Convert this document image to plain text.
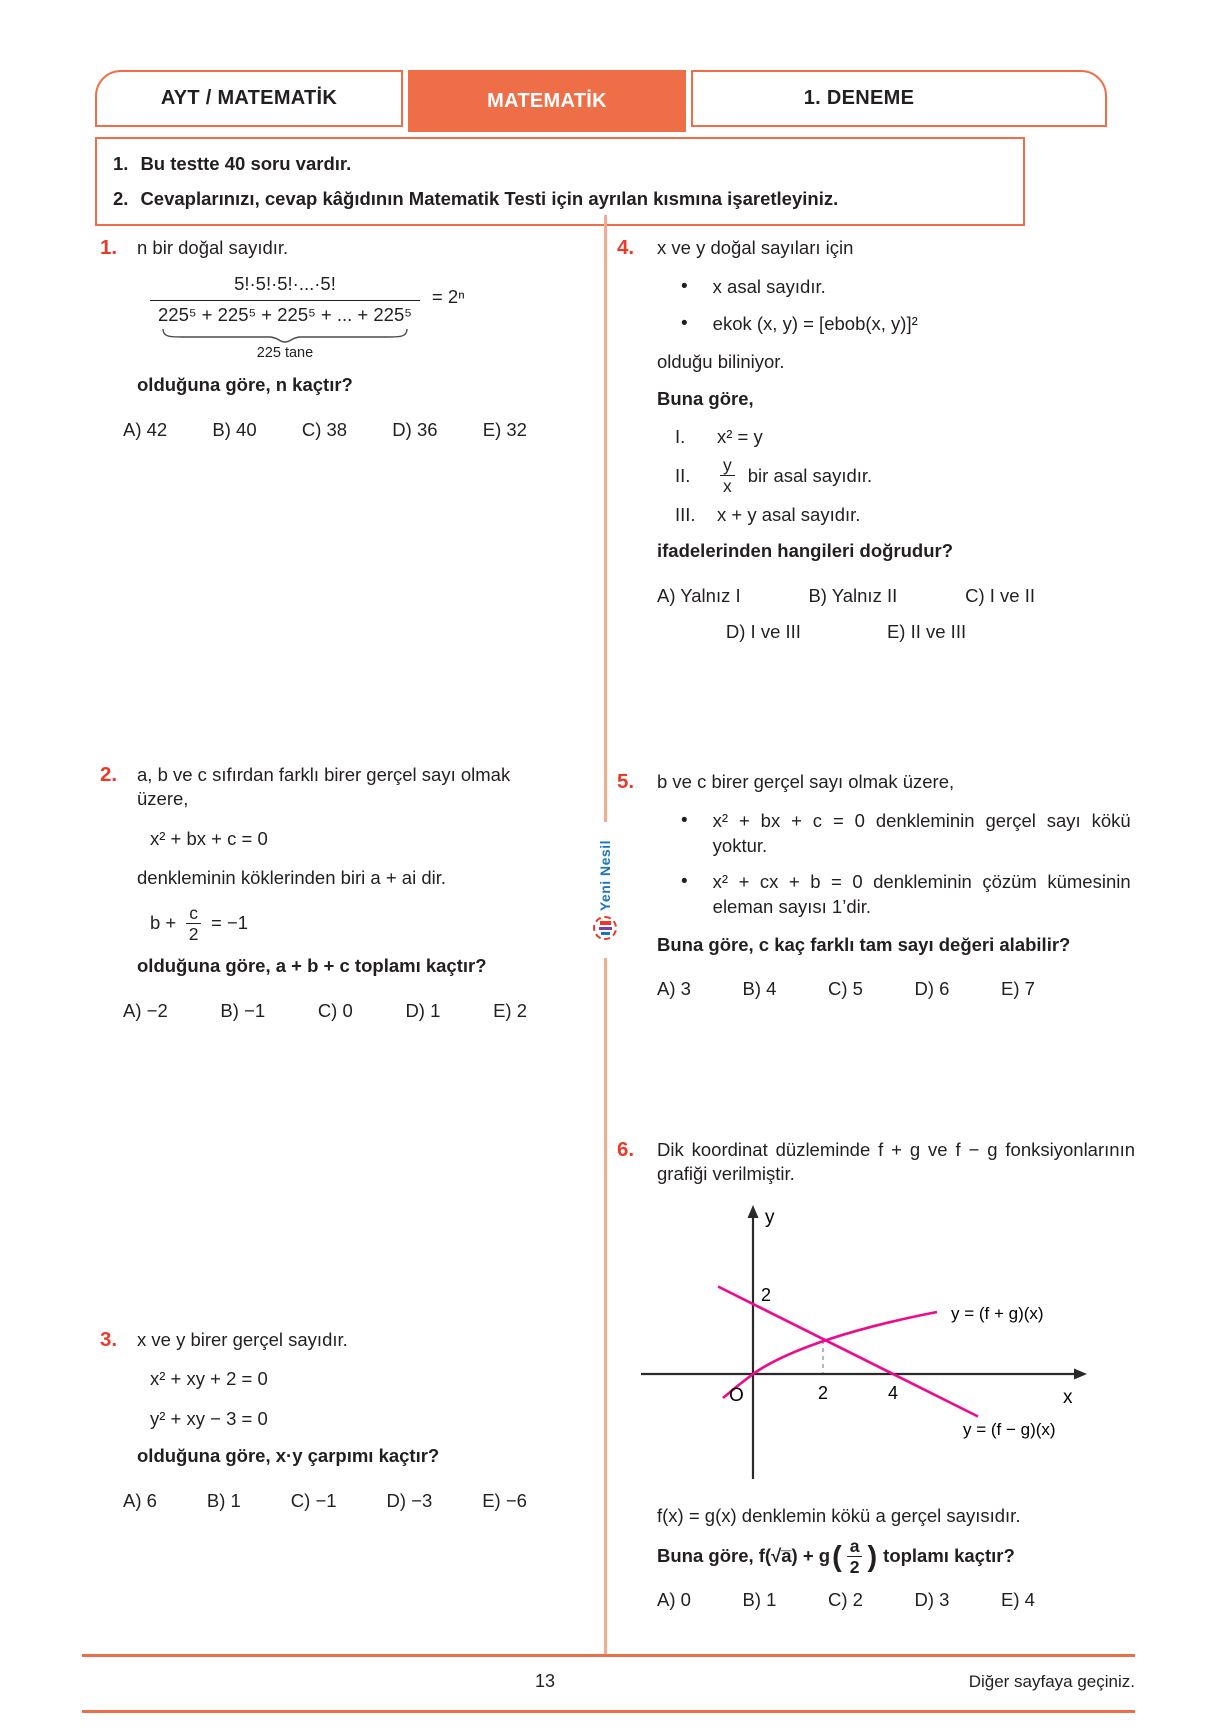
AYT / MATEMATİK	MATEMATİK	1. DENEME
1. Bu testte 40 soru vardır.
2. Cevaplarınızı, cevap kâğıdının Matematik Testi için ayrılan kısmına işaretleyiniz.
Yeni Nesil
1. n bir doğal sayıdır.
5!·5!·5!·...·5!
225⁵ + 225⁵ + 225⁵ + ... + 225⁵
225 tane
= 2ⁿ
olduğuna göre, n kaçtır?
A) 42 B) 40 C) 38 D) 36 E) 32
2. a, b ve c sıfırdan farklı birer gerçel sayı olmak üzere,
x² + bx + c = 0
denkleminin köklerinden biri a + ai dir.
$b + \frac{c}{2} = -1$
olduğuna göre, a + b + c toplamı kaçtır?
A) −2	B) −1	C) 0	D) 1	E) 2
3. x ve y birer gerçel sayıdır.
x² + xy + 2 = 0
y² + xy − 3 = 0
olduğuna göre, x·y çarpımı kaçtır?
A) 6	B) 1	C) −1	D) −3	E) −6
4. x ve y doğal sayıları için
• x asal sayıdır.
• ekok (x, y) = [ebob(x, y)]²
olduğu biliniyor.
Buna göre,
I.	x² = y
II.	$\frac{y}{x}$ bir asal sayıdır.
III.	x + y asal sayıdır.
ifadelerinden hangileri doğrudur?
A) Yalnız I	B) Yalnız II	C) I ve II
D) I ve III	E) II ve III
5. b ve c birer gerçel sayı olmak üzere,
• x² + bx + c = 0 denkleminin gerçel sayı kökü yoktur.
• x² + cx + b = 0 denkleminin çözüm kümesinin eleman sayısı 1’dir.
Buna göre, c kaç farklı tam sayı değeri alabilir?
A) 3	B) 4	C) 5	D) 6	E) 7
6. Dik koordinat düzleminde f + g ve f − g fonksiyonlarının grafiği verilmiştir.
y
x
O
2
2	4
y = (f + g)(x)
y = (f − g)(x)
f(x) = g(x) denklemin kökü a gerçel sayısıdır.
Buna göre, f(√a̅) + g ( $\frac{a}{2}$ ) toplamı kaçtır?
A) 0	B) 1	C) 2	D) 3	E) 4
13	Diğer sayfaya geçiniz.
